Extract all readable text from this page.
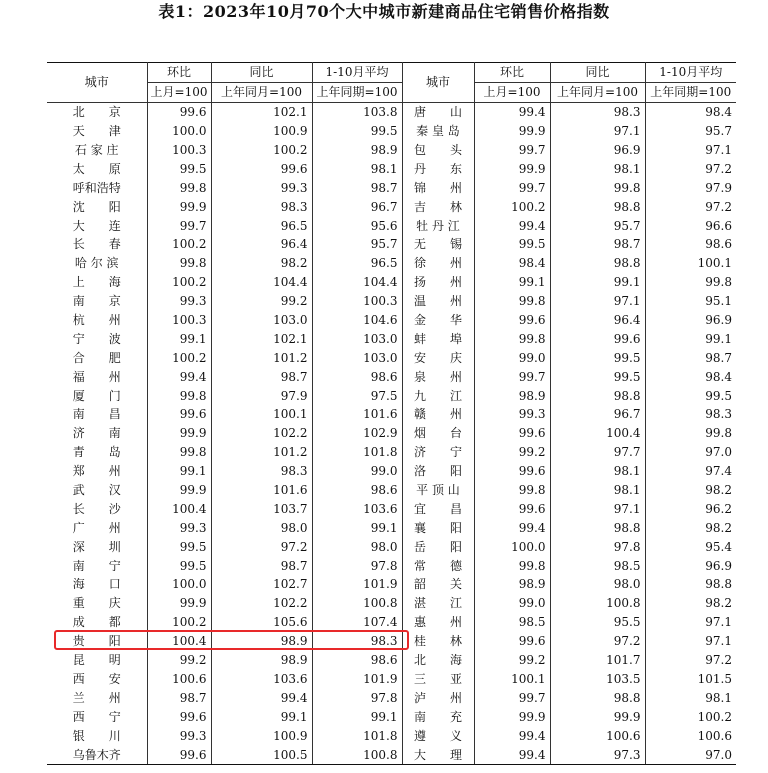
表1：2023年10月70个大中城市新建商品住宅销售价格指数
城市	环比	同比	1-10月平均	城市	环比	同比	1-10月平均
	上月=100	上年同月=100	上年同期=100		上月=100	上年同月=100	上年同期=100
北　　京	99.6	102.1	103.8	唐　　山	99.4	98.3	98.4
天　　津	100.0	100.9	99.5	秦 皇 岛	99.9	97.1	95.7
石 家 庄	100.3	100.2	98.9	包　　头	99.7	96.9	97.1
太　　原	99.5	99.6	98.1	丹　　东	99.9	98.1	97.2
呼和浩特	99.8	99.3	98.7	锦　　州	99.7	99.8	97.9
沈　　阳	99.9	98.3	96.7	吉　　林	100.2	98.8	97.2
大　　连	99.7	96.5	95.6	牡 丹 江	99.4	95.7	96.6
长　　春	100.2	96.4	95.7	无　　锡	99.5	98.7	98.6
哈 尔 滨	99.8	98.2	96.5	徐　　州	98.4	98.8	100.1
上　　海	100.2	104.4	104.4	扬　　州	99.1	99.1	99.8
南　　京	99.3	99.2	100.3	温　　州	99.8	97.1	95.1
杭　　州	100.3	103.0	104.6	金　　华	99.6	96.4	96.9
宁　　波	99.1	102.1	103.0	蚌　　埠	99.8	99.6	99.1
合　　肥	100.2	101.2	103.0	安　　庆	99.0	99.5	98.7
福　　州	99.4	98.7	98.6	泉　　州	99.7	99.5	98.4
厦　　门	99.8	97.9	97.5	九　　江	98.9	98.8	99.5
南　　昌	99.6	100.1	101.6	赣　　州	99.3	96.7	98.3
济　　南	99.9	102.2	102.9	烟　　台	99.6	100.4	99.8
青　　岛	99.8	101.2	101.8	济　　宁	99.2	97.7	97.0
郑　　州	99.1	98.3	99.0	洛　　阳	99.6	98.1	97.4
武　　汉	99.9	101.6	98.6	平 顶 山	99.8	98.1	98.2
长　　沙	100.4	103.7	103.6	宜　　昌	99.6	97.1	96.2
广　　州	99.3	98.0	99.1	襄　　阳	99.4	98.8	98.2
深　　圳	99.5	97.2	98.0	岳　　阳	100.0	97.8	95.4
南　　宁	99.5	98.7	97.8	常　　德	99.8	98.5	96.9
海　　口	100.0	102.7	101.9	韶　　关	98.9	98.0	98.8
重　　庆	99.9	102.2	100.8	湛　　江	99.0	100.8	98.2
成　　都	100.2	105.6	107.4	惠　　州	98.5	95.5	97.1
贵　　阳	100.4	98.9	98.3	桂　　林	99.6	97.2	97.1
昆　　明	99.2	98.9	98.6	北　　海	99.2	101.7	97.2
西　　安	100.6	103.6	101.9	三　　亚	100.1	103.5	101.5
兰　　州	98.7	99.4	97.8	泸　　州	99.7	98.8	98.1
西　　宁	99.6	99.1	99.1	南　　充	99.9	99.9	100.2
银　　川	99.3	100.9	101.8	遵　　义	99.4	100.6	100.6
乌鲁木齐	99.6	100.5	100.8	大　　理	99.4	97.3	97.0
